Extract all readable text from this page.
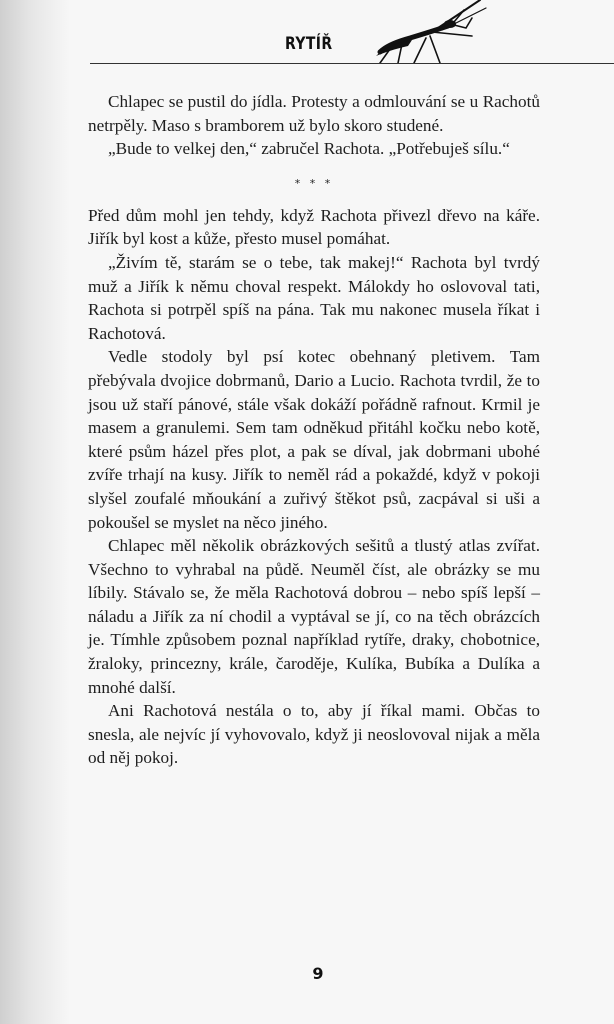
RYTÍŘ

Chlapec se pustil do jídla. Protesty a odmlouvání se u Rachotů netrpěly. Maso s bramborem už bylo skoro studené.

„Bude to velkej den,“ zabručel Rachota. „Potřebuješ sílu.“

* * *

Před dům mohl jen tehdy, když Rachota přivezl dřevo na káře. Jiřík byl kost a kůže, přesto musel pomáhat.

„Živím tě, starám se o tebe, tak makej!“ Rachota byl tvrdý muž a Jiřík k němu choval respekt. Málokdy ho oslovoval tati, Rachota si potrpěl spíš na pána. Tak mu nakonec musela říkat i Rachotová.

Vedle stodoly byl psí kotec obehnaný pletivem. Tam přebývala dvojice dobrmanů, Dario a Lucio. Rachota tvrdil, že to jsou už staří pánové, stále však dokáží pořádně rafnout. Krmil je masem a granulemi. Sem tam odněkud přitáhl kočku nebo kotě, které psům házel přes plot, a pak se díval, jak dobrmani ubohé zvíře trhají na kusy. Jiřík to neměl rád a pokaždé, když v pokoji slyšel zoufalé mňoukání a zuřivý štěkot psů, zacpával si uši a pokoušel se myslet na něco jiného.

Chlapec měl několik obrázkových sešitů a tlustý atlas zvířat. Všechno to vyhrabal na půdě. Neuměl číst, ale obrázky se mu líbily. Stávalo se, že měla Rachotová dobrou – nebo spíš lepší – náladu a Jiřík za ní chodil a vyptával se jí, co na těch obrázcích je. Tímhle způsobem poznal například rytíře, draky, chobotnice, žraloky, princezny, krále, čaroděje, Kulíka, Bubíka a Dulíka a mnohé další.

Ani Rachotová nestála o to, aby jí říkal mami. Občas to snesla, ale nejvíc jí vyhovovalo, když ji neoslovoval nijak a měla od něj pokoj.

9
